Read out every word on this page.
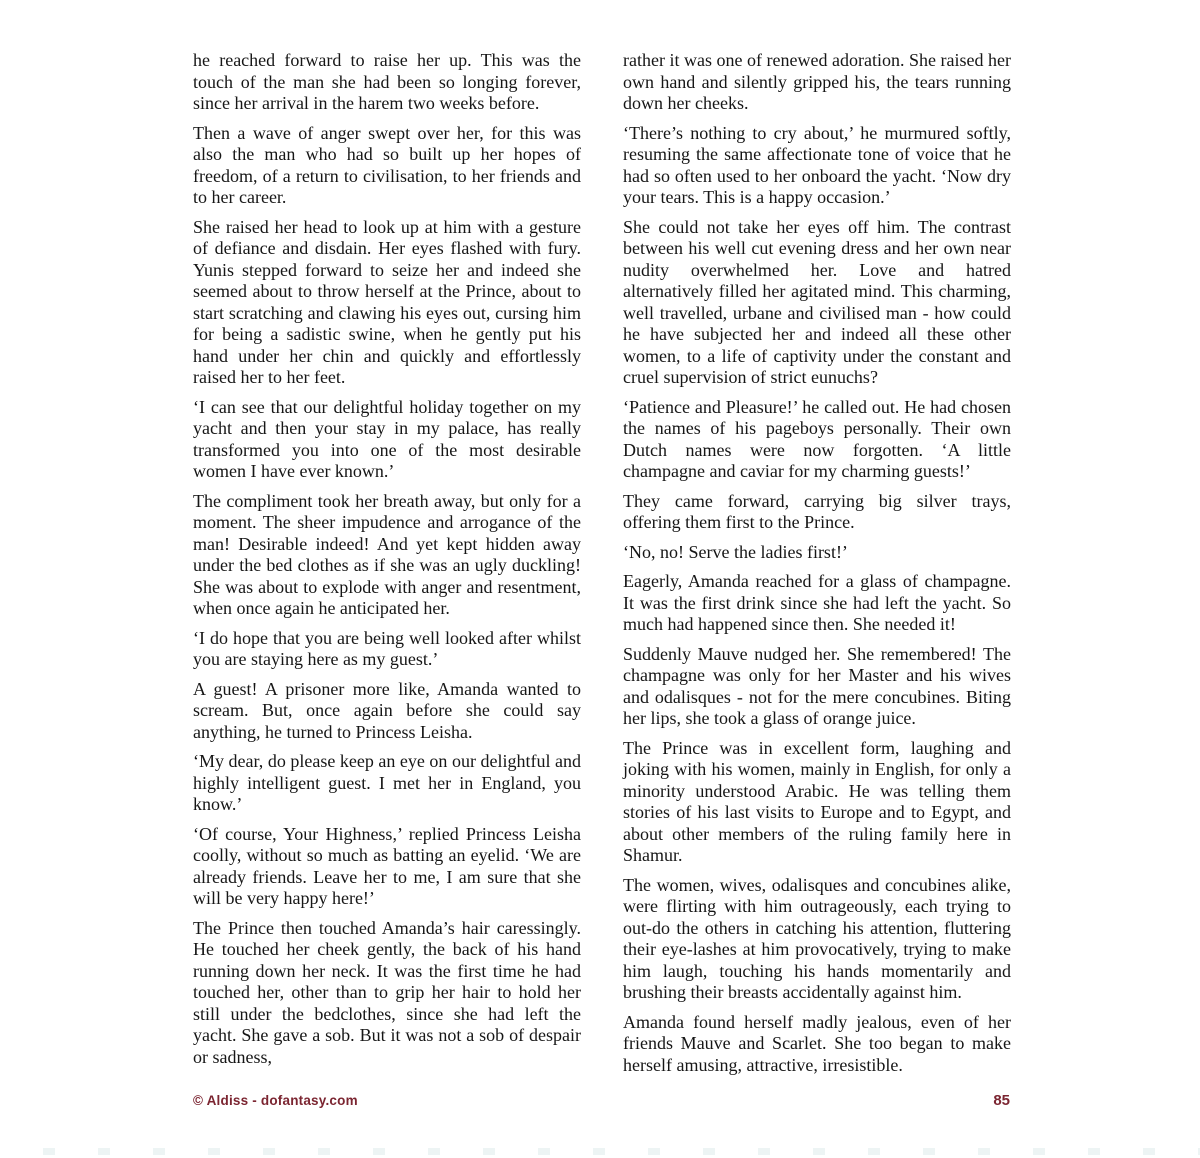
he reached forward to raise her up. This was the touch of the man she had been so longing forever, since her arrival in the harem two weeks before.

Then a wave of anger swept over her, for this was also the man who had so built up her hopes of freedom, of a return to civilisation, to her friends and to her career.

She raised her head to look up at him with a gesture of defiance and disdain. Her eyes flashed with fury. Yunis stepped forward to seize her and indeed she seemed about to throw herself at the Prince, about to start scratching and clawing his eyes out, cursing him for being a sadistic swine, when he gently put his hand under her chin and quickly and effortlessly raised her to her feet.

‘I can see that our delightful holiday together on my yacht and then your stay in my palace, has really transformed you into one of the most desirable women I have ever known.’

The compliment took her breath away, but only for a moment. The sheer impudence and arrogance of the man! Desirable indeed! And yet kept hidden away under the bed clothes as if she was an ugly duckling! She was about to explode with anger and resentment, when once again he anticipated her.

‘I do hope that you are being well looked after whilst you are staying here as my guest.’

A guest! A prisoner more like, Amanda wanted to scream. But, once again before she could say anything, he turned to Princess Leisha.

‘My dear, do please keep an eye on our delightful and highly intelligent guest. I met her in England, you know.’

‘Of course, Your Highness,’ replied Princess Leisha coolly, without so much as batting an eyelid. ‘We are already friends. Leave her to me, I am sure that she will be very happy here!’

The Prince then touched Amanda’s hair caressingly. He touched her cheek gently, the back of his hand running down her neck. It was the first time he had touched her, other than to grip her hair to hold her still under the bedclothes, since she had left the yacht. She gave a sob. But it was not a sob of despair or sadness,

rather it was one of renewed adoration. She raised her own hand and silently gripped his, the tears running down her cheeks.

‘There’s nothing to cry about,’ he murmured softly, resuming the same affectionate tone of voice that he had so often used to her onboard the yacht. ‘Now dry your tears. This is a happy occasion.’

She could not take her eyes off him. The contrast between his well cut evening dress and her own near nudity overwhelmed her. Love and hatred alternatively filled her agitated mind. This charming, well travelled, urbane and civilised man - how could he have subjected her and indeed all these other women, to a life of captivity under the constant and cruel supervision of strict eunuchs?

‘Patience and Pleasure!’ he called out. He had chosen the names of his pageboys personally. Their own Dutch names were now forgotten. ‘A little champagne and caviar for my charming guests!’

They came forward, carrying big silver trays, offering them first to the Prince.

‘No, no! Serve the ladies first!’

Eagerly, Amanda reached for a glass of champagne. It was the first drink since she had left the yacht. So much had happened since then. She needed it!

Suddenly Mauve nudged her. She remembered! The champagne was only for her Master and his wives and odalisques - not for the mere concubines. Biting her lips, she took a glass of orange juice.

The Prince was in excellent form, laughing and joking with his women, mainly in English, for only a minority understood Arabic. He was telling them stories of his last visits to Europe and to Egypt, and about other members of the ruling family here in Shamur.

The women, wives, odalisques and concubines alike, were flirting with him outrageously, each trying to out-do the others in catching his attention, fluttering their eye-lashes at him provocatively, trying to make him laugh, touching his hands momentarily and brushing their breasts accidentally against him.

Amanda found herself madly jealous, even of her friends Mauve and Scarlet. She too began to make herself amusing, attractive, irresistible.

© Aldiss - dofantasy.com	85
